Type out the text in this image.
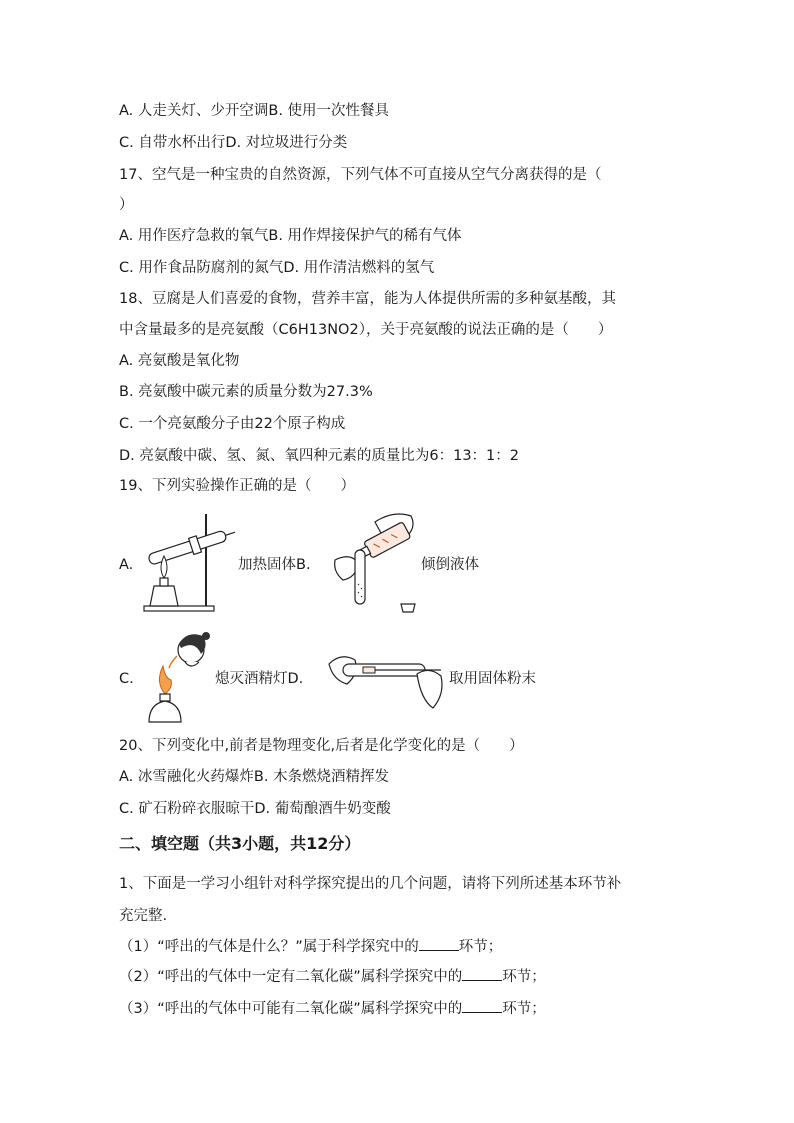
A. 人走关灯、少开空调B. 使用一次性餐具
C. 自带水杯出行D. 对垃圾进行分类
17、空气是一种宝贵的自然资源，下列气体不可直接从空气分离获得的是（
）
A. 用作医疗急救的氧气B. 用作焊接保护气的稀有气体
C. 用作食品防腐剂的氮气D. 用作清洁燃料的氢气
18、豆腐是人们喜爱的食物，营养丰富，能为人体提供所需的多种氨基酸，其
中含量最多的是亮氨酸（C6H13NO2），关于亮氨酸的说法正确的是（　　）
A. 亮氨酸是氧化物
B. 亮氨酸中碳元素的质量分数为27.3%
C. 一个亮氨酸分子由22个原子构成
D. 亮氨酸中碳、氢、氮、氧四种元素的质量比为6：13：1：2
19、下列实验操作正确的是（　　）
A.	加热固体B.	倾倒液体
C.	熄灭酒精灯D.	取用固体粉末
20、下列变化中,前者是物理变化,后者是化学变化的是（　　）
A. 冰雪融化火药爆炸B. 木条燃烧酒精挥发
C. 矿石粉碎衣服晾干D. 葡萄酿酒牛奶变酸
二、填空题（共3小题，共12分）
1、下面是一学习小组针对科学探究提出的几个问题，请将下列所述基本环节补
充完整.
（1）“呼出的气体是什么？”属于科学探究中的	环节；
（2）“呼出的气体中一定有二氧化碳”属科学探究中的	环节；
（3）“呼出的气体中可能有二氧化碳”属科学探究中的	环节；
